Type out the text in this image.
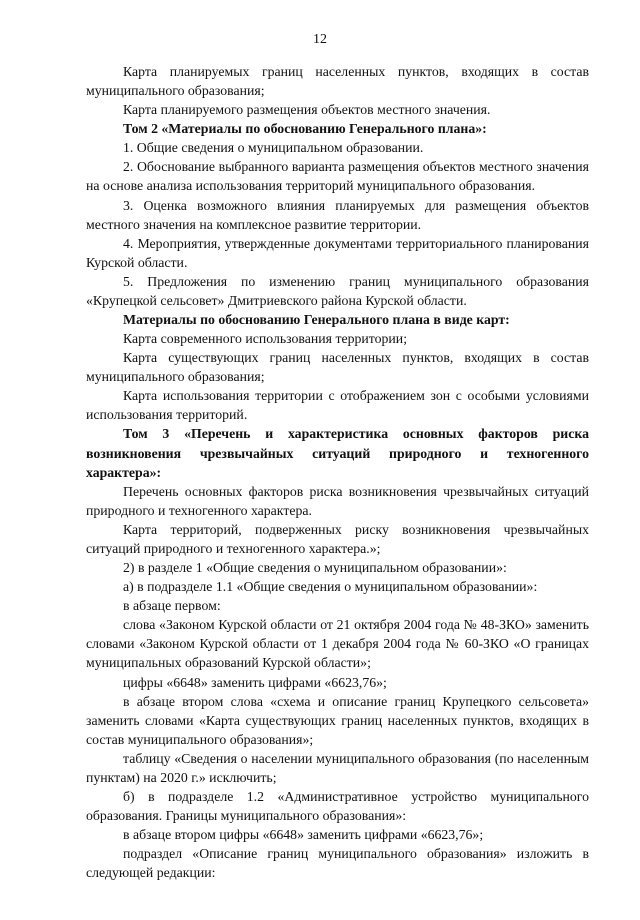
12

Карта планируемых границ населенных пунктов, входящих в состав муниципального образования;

Карта планируемого размещения объектов местного значения.

Том 2 «Материалы по обоснованию Генерального плана»:

1. Общие сведения о муниципальном образовании.

2. Обоснование выбранного варианта размещения объектов местного значения на основе анализа использования территорий муниципального образования.

3. Оценка возможного влияния планируемых для размещения объектов местного значения на комплексное развитие территории.

4. Мероприятия, утвержденные документами территориального планирования Курской области.

5. Предложения по изменению границ муниципального образования «Крупецкой сельсовет» Дмитриевского района Курской области.

Материалы по обоснованию Генерального плана в виде карт:

Карта современного использования территории;

Карта существующих границ населенных пунктов, входящих в состав муниципального образования;

Карта использования территории с отображением зон с особыми условиями использования территорий.

Том 3 «Перечень и характеристика основных факторов риска возникновения чрезвычайных ситуаций природного и техногенного характера»:

Перечень основных факторов риска возникновения чрезвычайных ситуаций природного и техногенного характера.

Карта территорий, подверженных риску возникновения чрезвычайных ситуаций природного и техногенного характера.»;

2) в разделе 1 «Общие сведения о муниципальном образовании»:

а) в подразделе 1.1 «Общие сведения о муниципальном образовании»:

в абзаце первом:

слова «Законом Курской области от 21 октября 2004 года № 48-ЗКО» заменить словами «Законом Курской области от 1 декабря 2004 года № 60-ЗКО «О границах муниципальных образований Курской области»;

цифры «6648» заменить цифрами «6623,76»;

в абзаце втором слова «схема и описание границ Крупецкого сельсовета» заменить словами «Карта существующих границ населенных пунктов, входящих в состав муниципального образования»;

таблицу «Сведения о населении муниципального образования (по населенным пунктам) на 2020 г.» исключить;

б) в подразделе 1.2 «Административное устройство муниципального образования. Границы муниципального образования»:

в абзаце втором цифры «6648» заменить цифрами «6623,76»;

подраздел «Описание границ муниципального образования» изложить в следующей редакции:
